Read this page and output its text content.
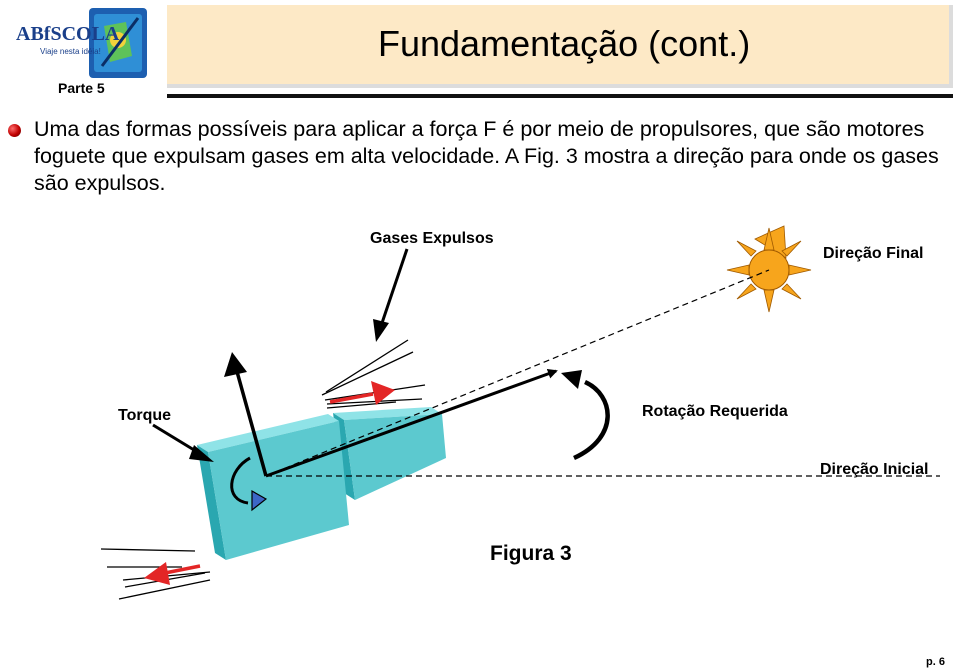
ABfSCOLA
Viaje nesta idéia!
Parte 5
Fundamentação (cont.)
Uma das formas possíveis para aplicar a força F é por meio de propulsores, que são motores foguete que expulsam gases em alta velocidade. A Fig. 3 mostra a direção para onde os gases são expulsos.
Gases Expulsos
Direção Final
Torque	Rotação Requerida
Direção Inicial
Figura 3
p. 6
